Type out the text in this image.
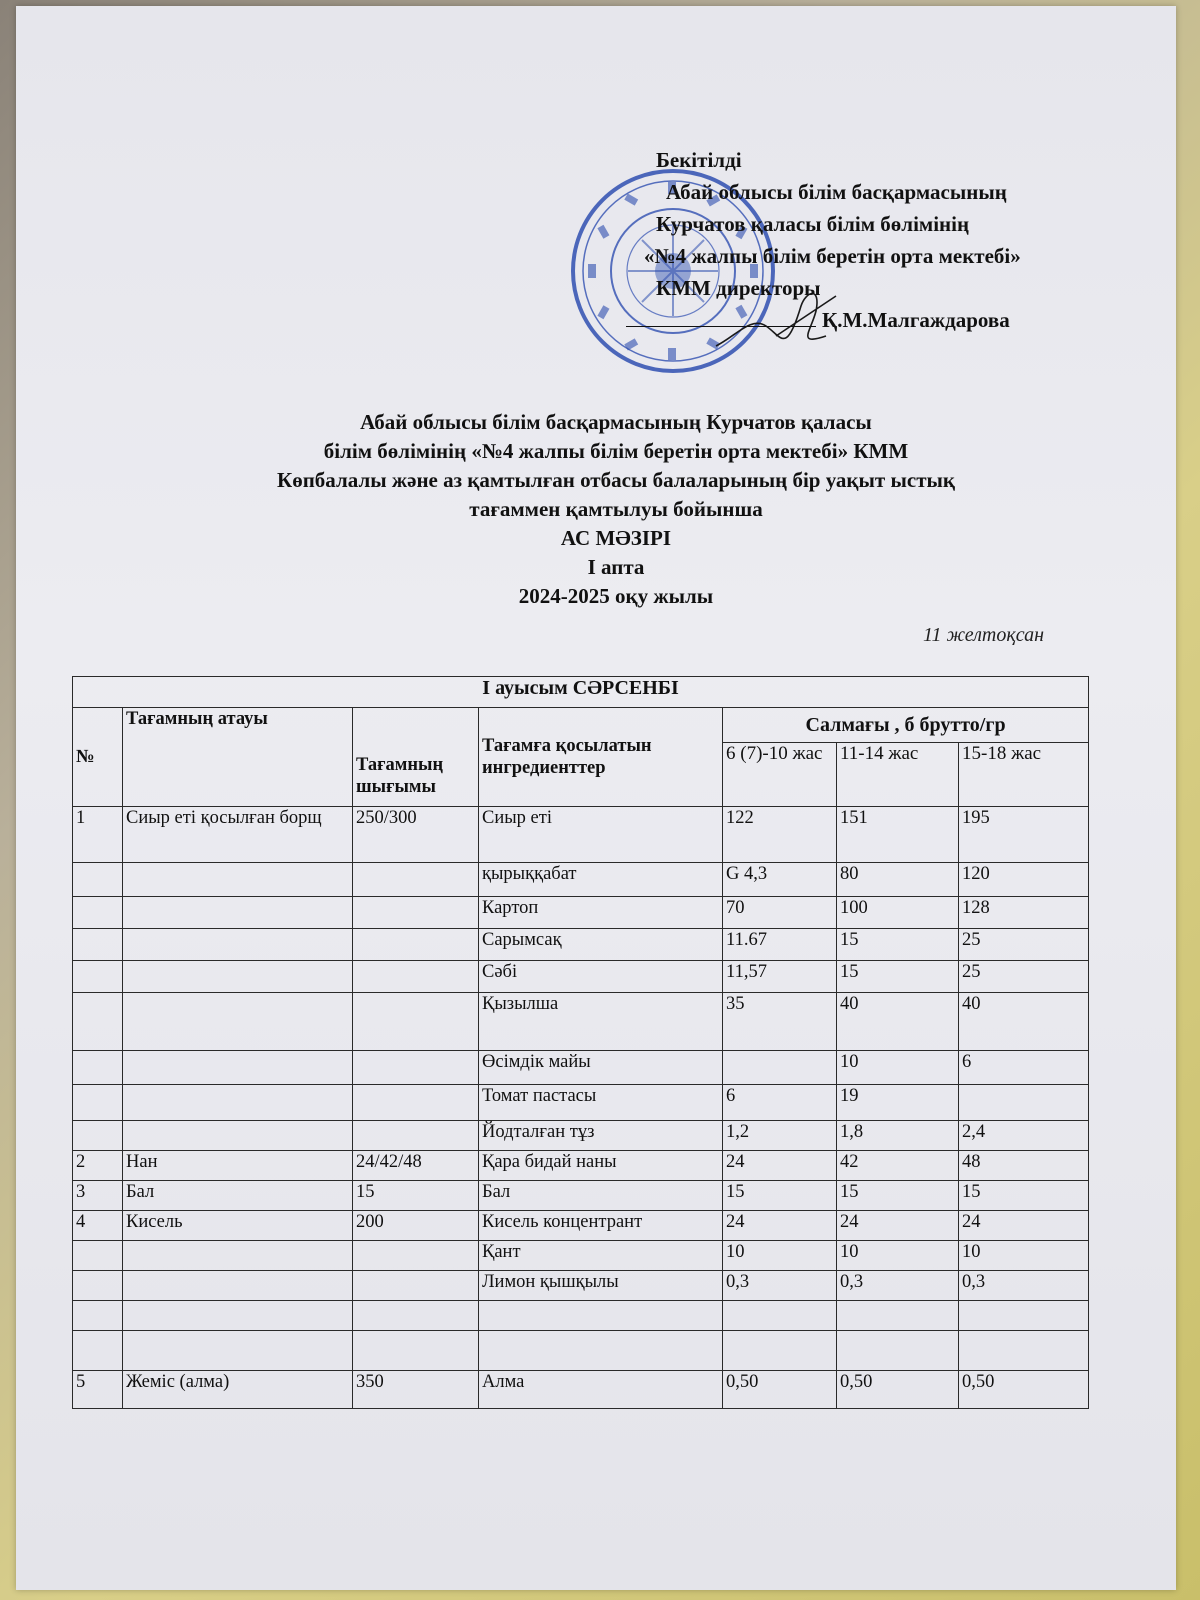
Бекітілді
Абай облысы білім басқармасының
Курчатов қаласы білім бөлімінің
«№4 жалпы білім беретін орта мектебі»
КММ директоры
Қ.М.Малгаждарова
Абай облысы білім басқармасының Курчатов қаласы
білім бөлімінің «№4 жалпы білім беретін орта мектебі» КММ
Көпбалалы және аз қамтылған отбасы балаларының бір уақыт ыстық
тағаммен қамтылуы бойынша
АС МӘЗІРІ
І апта
2024-2025 оқу жылы
11 желтоқсан
І ауысым СӘРСЕНБІ						
№	Тағамның атауы	Тағамның шығымы	Тағамға қосылатын ингредиенттер	Салмағы , б брутто/гр		
				6 (7)-10 жас	11-14 жас	15-18 жас
1	Сиыр еті қосылған борщ	250/300	Сиыр еті	122	151	195
			қырыққабат	G 4,3	80	120
			Картоп	70	100	128
			Сарымсақ	11.67	15	25
			Сәбі	11,57	15	25
			Қызылша	35	40	40
			Өсімдік майы		10	6
			Томат пастасы	6	19	
			Йодталған тұз	1,2	1,8	2,4
2	Нан	24/42/48	Қара бидай наны	24	42	48
3	Бал	15	Бал	15	15	15
4	Кисель	200	Кисель концентрант	24	24	24
			Қант	10	10	10
			Лимон қышқылы	0,3	0,3	0,3

5	Жеміс (алма)	350	Алма	0,50	0,50	0,50
